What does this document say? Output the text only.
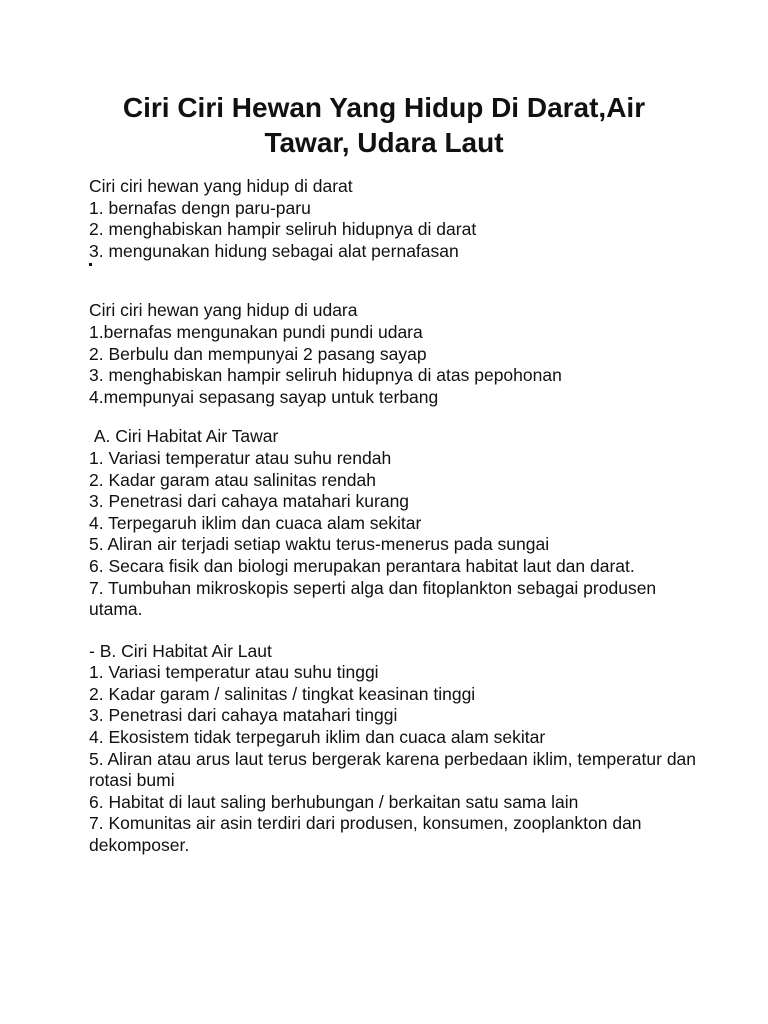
Ciri Ciri Hewan Yang Hidup Di Darat,Air Tawar, Udara Laut
Ciri ciri hewan yang hidup di darat
1. bernafas dengn paru-paru
2. menghabiskan hampir seliruh hidupnya di darat
3. mengunakan hidung sebagai alat pernafasan
Ciri ciri hewan yang hidup di udara
1.bernafas mengunakan pundi pundi udara
2. Berbulu dan mempunyai 2 pasang sayap
3. menghabiskan hampir seliruh hidupnya di atas pepohonan
4.mempunyai sepasang sayap untuk terbang
A. Ciri Habitat Air Tawar
1. Variasi temperatur atau suhu rendah
2. Kadar garam atau salinitas rendah
3. Penetrasi dari cahaya matahari kurang
4. Terpegaruh iklim dan cuaca alam sekitar
5. Aliran air terjadi setiap waktu terus-menerus pada sungai
6. Secara fisik dan biologi merupakan perantara habitat laut dan darat.
7. Tumbuhan mikroskopis seperti alga dan fitoplankton sebagai produsen utama.
- B. Ciri Habitat Air Laut
1. Variasi temperatur atau suhu tinggi
2. Kadar garam / salinitas / tingkat keasinan tinggi
3. Penetrasi dari cahaya matahari tinggi
4. Ekosistem tidak terpegaruh iklim dan cuaca alam sekitar
5. Aliran atau arus laut terus bergerak karena perbedaan iklim, temperatur dan rotasi bumi
6. Habitat di laut saling berhubungan / berkaitan satu sama lain
7. Komunitas air asin terdiri dari produsen, konsumen, zooplankton dan dekomposer.
